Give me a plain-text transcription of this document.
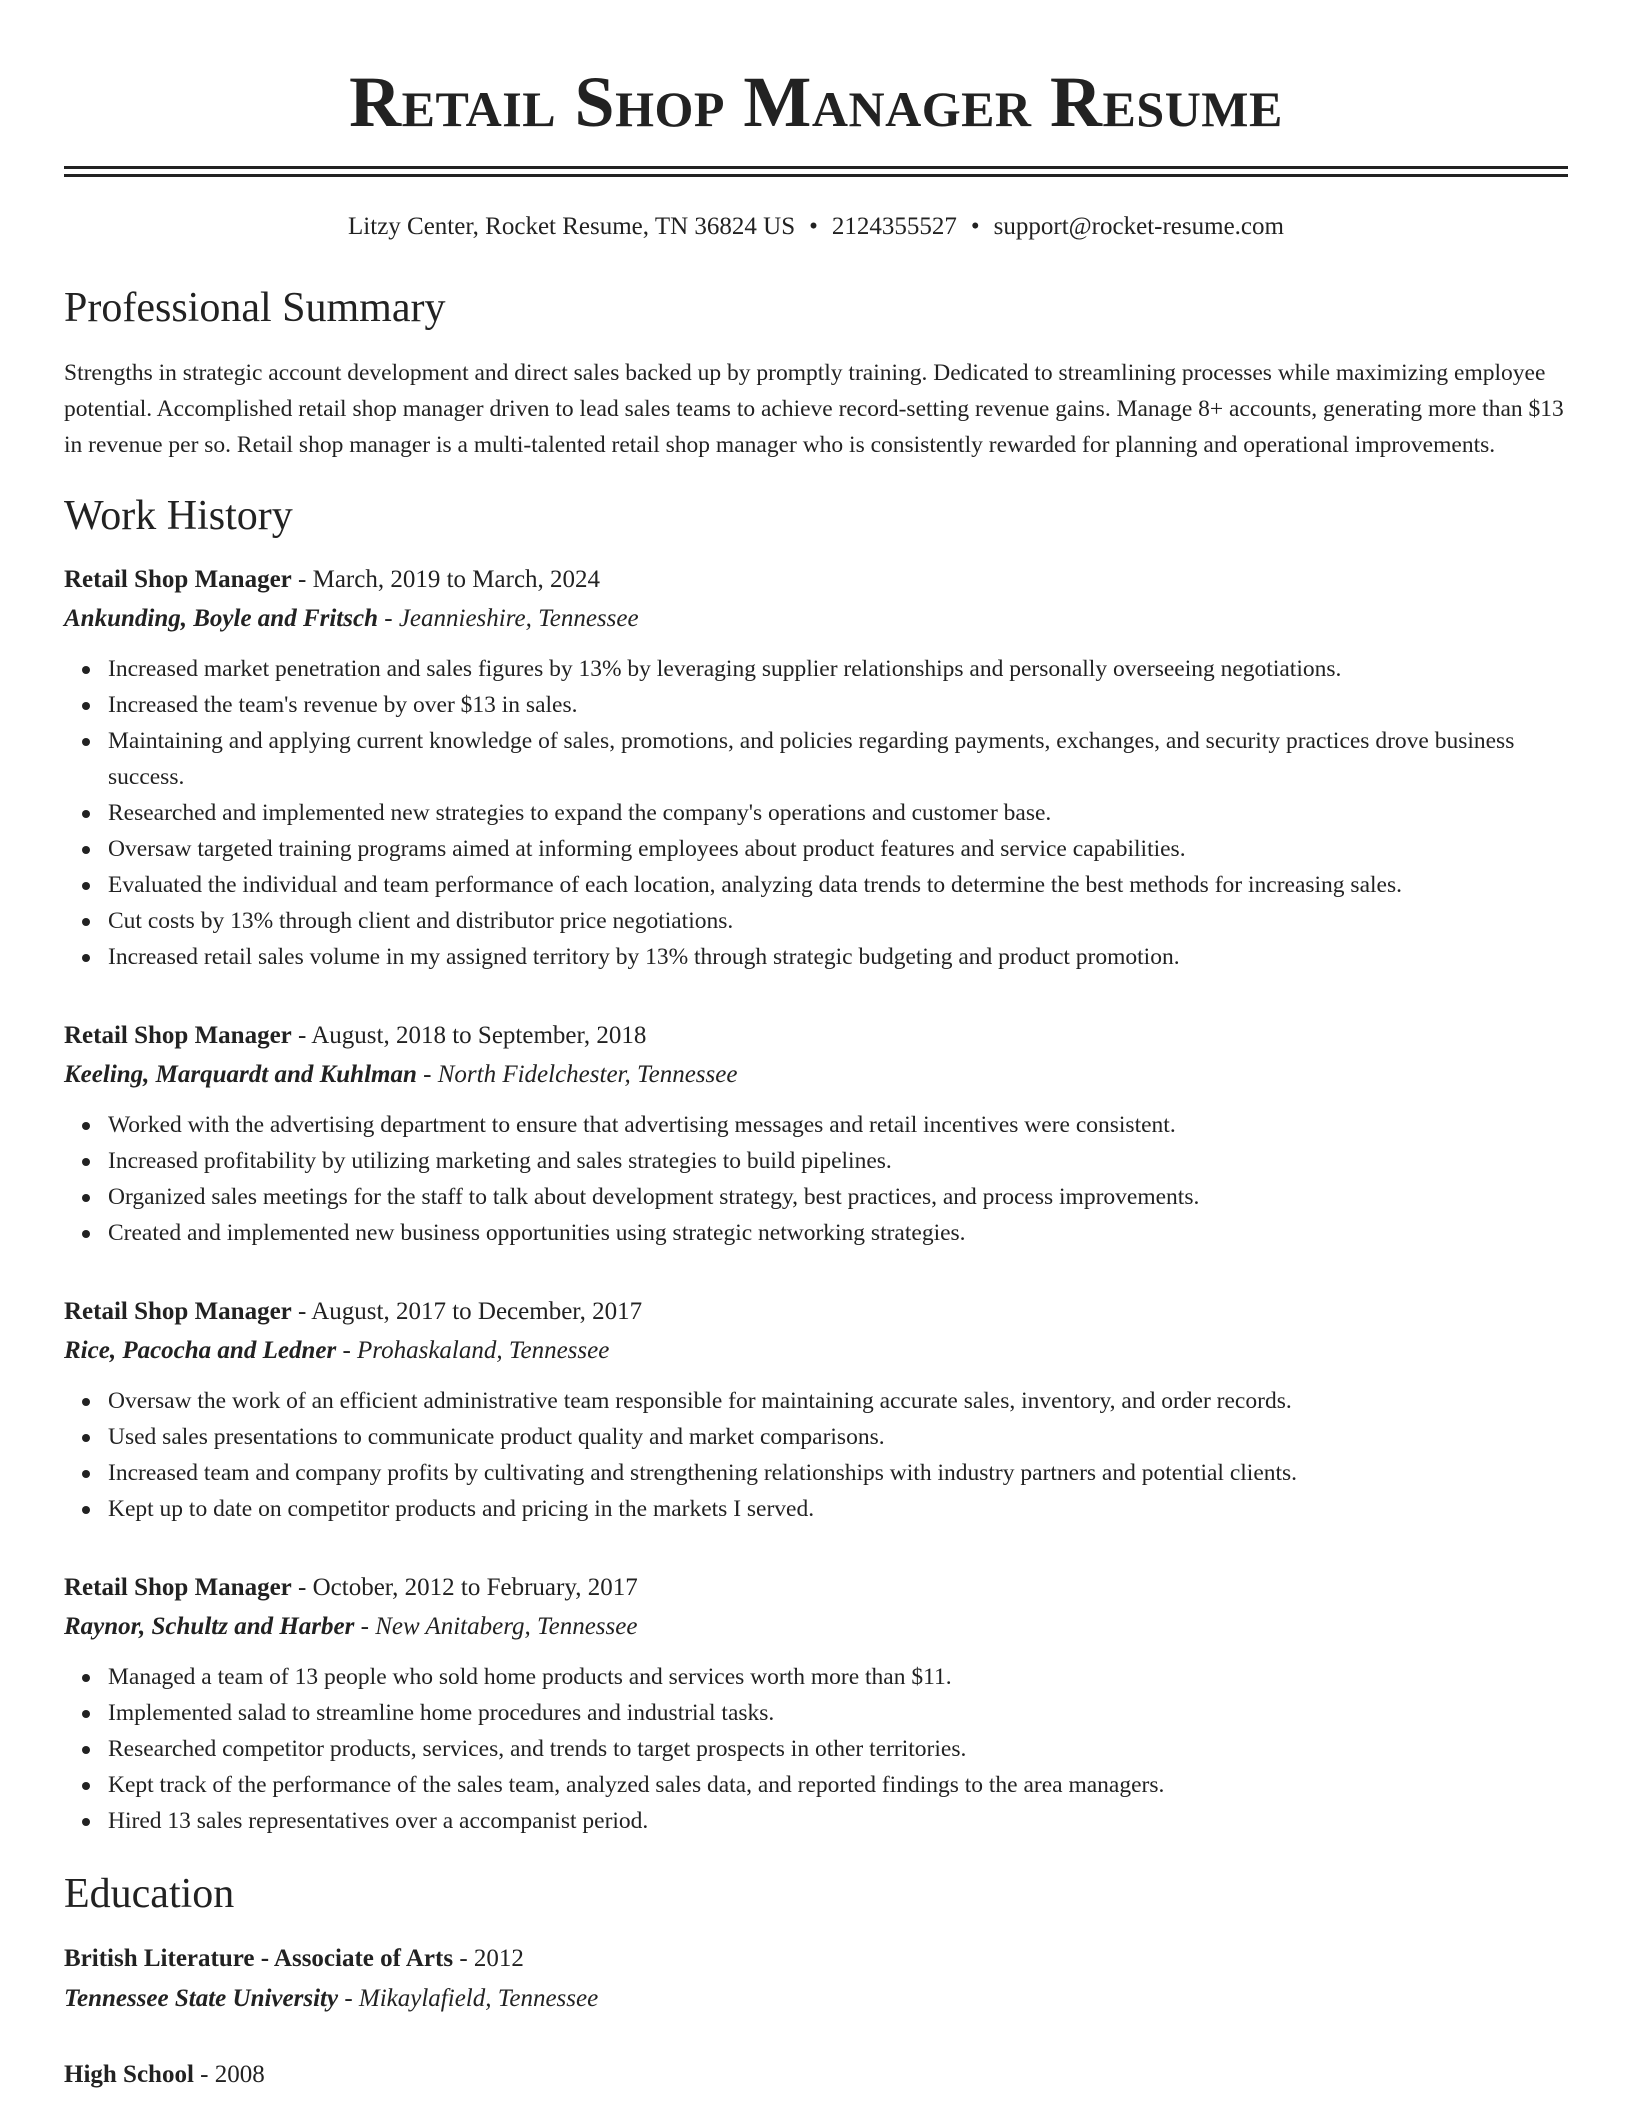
Retail Shop Manager Resume
Litzy Center, Rocket Resume, TN 36824 US • 2124355527 • support@rocket-resume.com
Professional Summary

Strengths in strategic account development and direct sales backed up by promptly training. Dedicated to streamlining processes while maximizing employee potential. Accomplished retail shop manager driven to lead sales teams to achieve record-setting revenue gains. Manage 8+ accounts, generating more than $13 in revenue per so. Retail shop manager is a multi-talented retail shop manager who is consistently rewarded for planning and operational improvements.

Work History
Retail Shop Manager - March, 2019 to March, 2024
Ankunding, Boyle and Fritsch - Jeannieshire, Tennessee
Increased market penetration and sales figures by 13% by leveraging supplier relationships and personally overseeing negotiations.
Increased the team's revenue by over $13 in sales.
Maintaining and applying current knowledge of sales, promotions, and policies regarding payments, exchanges, and security practices drove business success.
Researched and implemented new strategies to expand the company's operations and customer base.
Oversaw targeted training programs aimed at informing employees about product features and service capabilities.
Evaluated the individual and team performance of each location, analyzing data trends to determine the best methods for increasing sales.
Cut costs by 13% through client and distributor price negotiations.
Increased retail sales volume in my assigned territory by 13% through strategic budgeting and product promotion.
Retail Shop Manager - August, 2018 to September, 2018
Keeling, Marquardt and Kuhlman - North Fidelchester, Tennessee
Worked with the advertising department to ensure that advertising messages and retail incentives were consistent.
Increased profitability by utilizing marketing and sales strategies to build pipelines.
Organized sales meetings for the staff to talk about development strategy, best practices, and process improvements.
Created and implemented new business opportunities using strategic networking strategies.
Retail Shop Manager - August, 2017 to December, 2017
Rice, Pacocha and Ledner - Prohaskaland, Tennessee
Oversaw the work of an efficient administrative team responsible for maintaining accurate sales, inventory, and order records.
Used sales presentations to communicate product quality and market comparisons.
Increased team and company profits by cultivating and strengthening relationships with industry partners and potential clients.
Kept up to date on competitor products and pricing in the markets I served.
Retail Shop Manager - October, 2012 to February, 2017
Raynor, Schultz and Harber - New Anitaberg, Tennessee
Managed a team of 13 people who sold home products and services worth more than $11.
Implemented salad to streamline home procedures and industrial tasks.
Researched competitor products, services, and trends to target prospects in other territories.
Kept track of the performance of the sales team, analyzed sales data, and reported findings to the area managers.
Hired 13 sales representatives over a accompanist period.
Education
British Literature - Associate of Arts - 2012
Tennessee State University - Mikaylafield, Tennessee
High School - 2008
